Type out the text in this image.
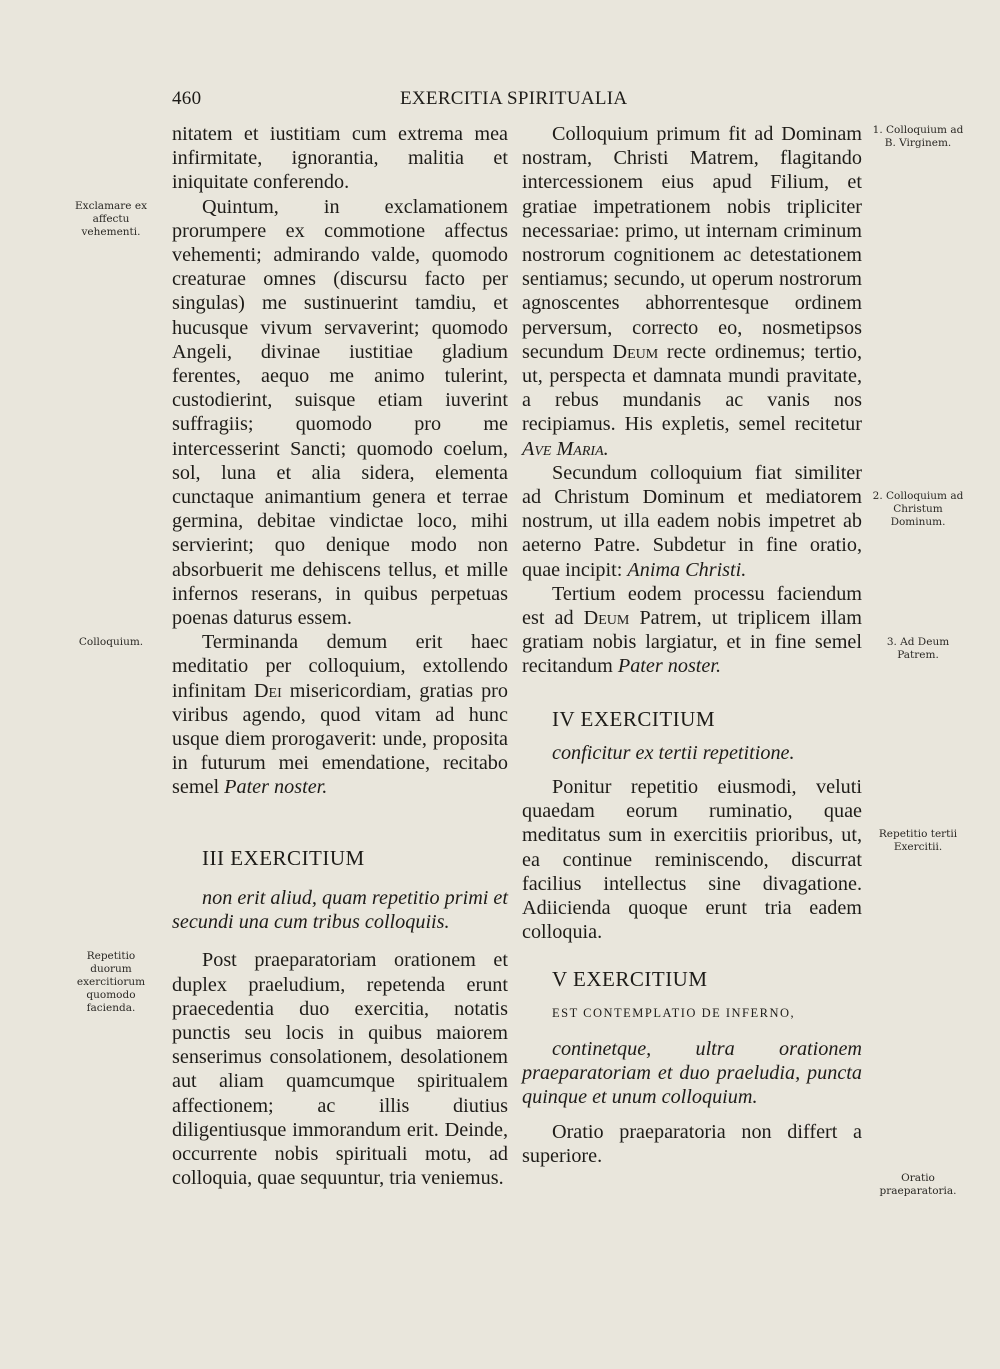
460	EXERCITIA SPIRITUALIA
Exclamare ex affectu vehementi.
Colloquium.
Repetitio duorum exercitiorum quomodo facienda.
1. Colloquium ad B. Virginem.
2. Colloquium ad Christum Dominum.
3. Ad Deum Patrem.
Repetitio tertii Exercitii.
Oratio praeparatoria.

nitatem et iustitiam cum extrema mea infirmitate, ignorantia, malitia et iniquitate conferendo.

Quintum, in exclamationem prorumpere ex commotione affectus vehementi; admirando valde, quomodo creaturae omnes (discursu facto per singulas) me sustinuerint tamdiu, et hucusque vivum servaverint; quomodo Angeli, divinae iustitiae gladium ferentes, aequo me animo tulerint, custodierint, suisque etiam iuverint suffragiis; quomodo pro me intercesserint Sancti; quomodo coelum, sol, luna et alia sidera, elementa cunctaque animantium genera et terrae germina, debitae vindictae loco, mihi servierint; quo denique modo non absorbuerit me dehiscens tellus, et mille infernos reserans, in quibus perpetuas poenas daturus essem.

Terminanda demum erit haec meditatio per colloquium, extollendo infinitam Dei misericordiam, gratias pro viribus agendo, quod vitam ad hunc usque diem prorogaverit: unde, proposita in futurum mei emendatione, recitabo semel Pater noster.

III EXERCITIUM

non erit aliud, quam repetitio primi et secundi una cum tribus colloquiis.

Post praeparatoriam orationem et duplex praeludium, repetenda erunt praecedentia duo exercitia, notatis punctis seu locis in quibus maiorem senserimus consolationem, desolationem aut aliam quamcumque spiritualem affectionem; ac illis diutius diligentiusque immorandum erit. Deinde, occurrente nobis spirituali motu, ad colloquia, quae sequuntur, tria veniemus.

Colloquium primum fit ad Dominam nostram, Christi Matrem, flagitando intercessionem eius apud Filium, et gratiae impetrationem nobis tripliciter necessariae: primo, ut internam criminum nostrorum cognitionem ac detestationem sentiamus; secundo, ut operum nostrorum agnoscentes abhorrentesque ordinem perversum, correcto eo, nosmetipsos secundum Deum recte ordinemus; tertio, ut, perspecta et damnata mundi pravitate, a rebus mundanis ac vanis nos recipiamus. His expletis, semel recitetur Ave Maria.

Secundum colloquium fiat similiter ad Christum Dominum et mediatorem nostrum, ut illa eadem nobis impetret ab aeterno Patre. Subdetur in fine oratio, quae incipit: Anima Christi.

Tertium eodem processu faciendum est ad Deum Patrem, ut triplicem illam gratiam nobis largiatur, et in fine semel recitandum Pater noster.

IV EXERCITIUM

conficitur ex tertii repetitione.

Ponitur repetitio eiusmodi, veluti quaedam eorum ruminatio, quae meditatus sum in exercitiis prioribus, ut, ea continue reminiscendo, discurrat facilius intellectus sine divagatione. Adiicienda quoque erunt tria eadem colloquia.

V EXERCITIUM

EST CONTEMPLATIO DE INFERNO,

continetque, ultra orationem praeparatoriam et duo praeludia, puncta quinque et unum colloquium.

Oratio praeparatoria non differt a superiore.
